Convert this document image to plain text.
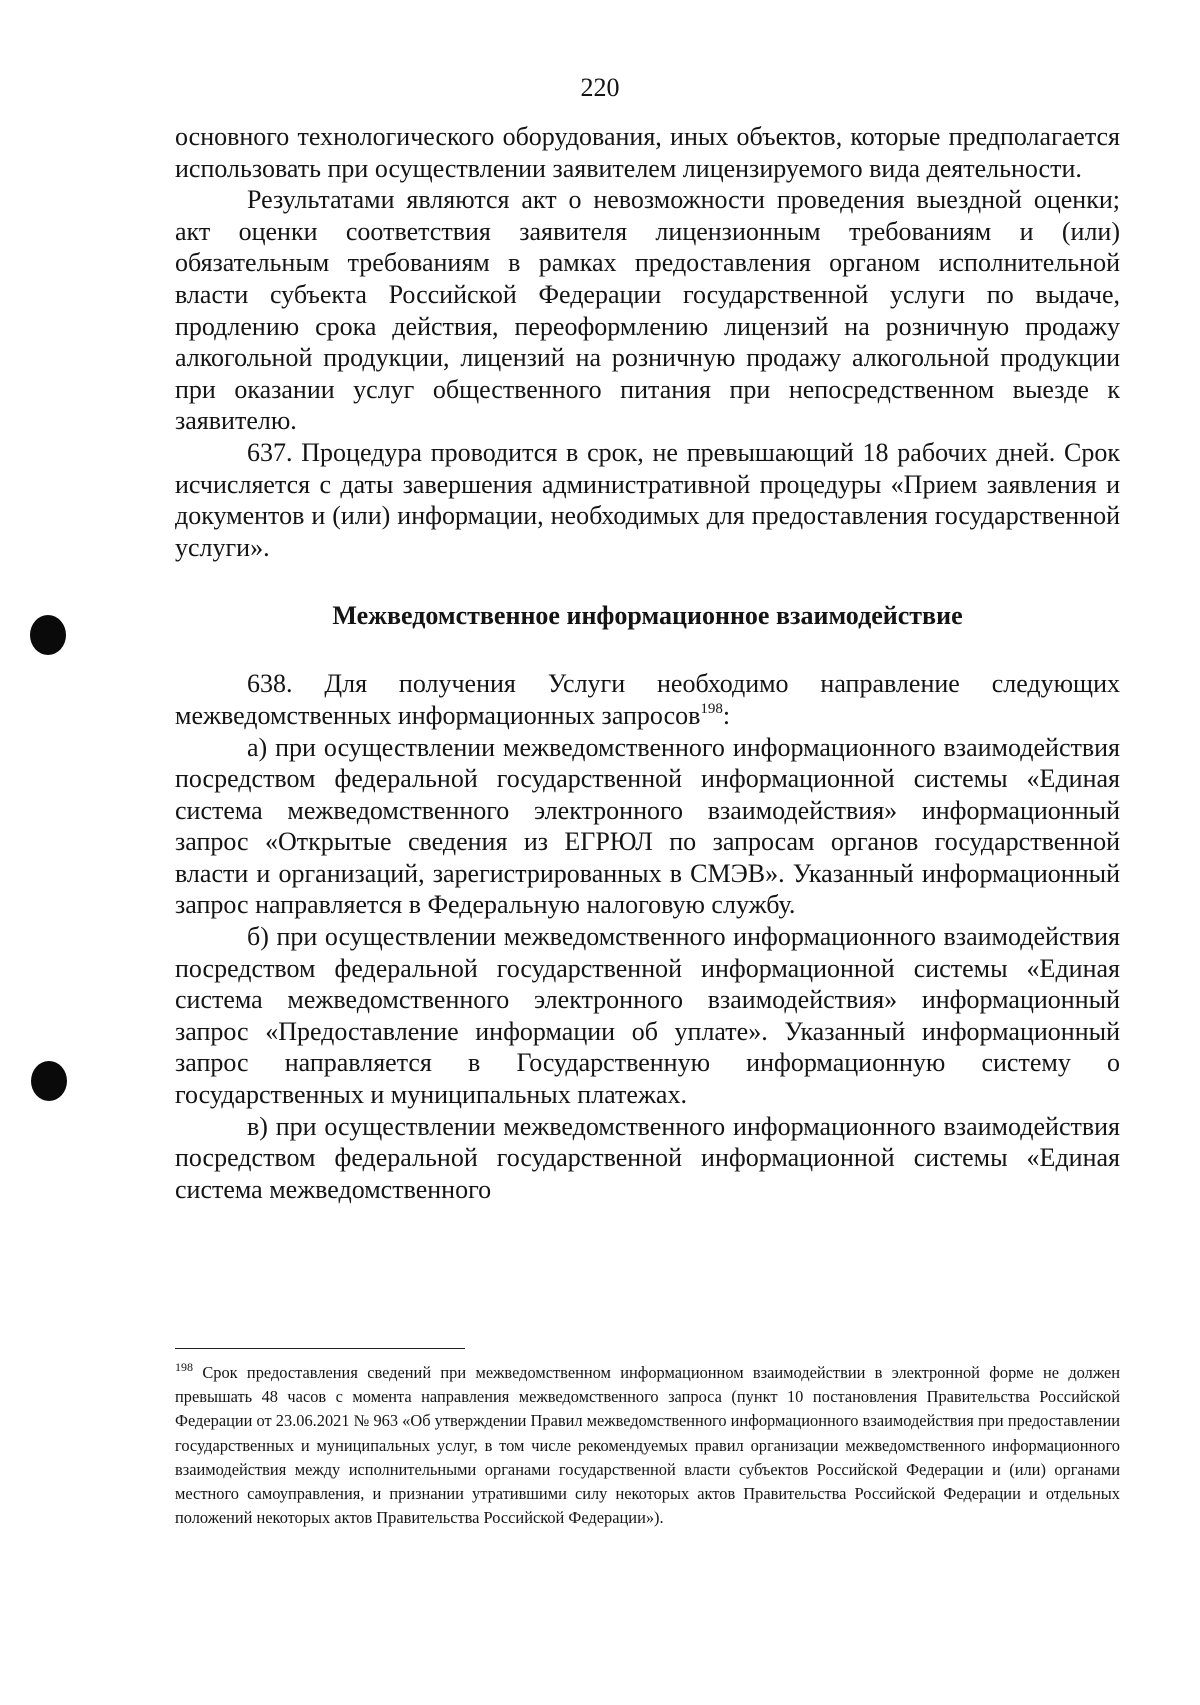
220

основного технологического оборудования, иных объектов, которые предполагается использовать при осуществлении заявителем лицензируемого вида деятельности.

Результатами являются акт о невозможности проведения выездной оценки; акт оценки соответствия заявителя лицензионным требованиям и (или) обязательным требованиям в рамках предоставления органом исполнительной власти субъекта Российской Федерации государственной услуги по выдаче, продлению срока действия, переоформлению лицензий на розничную продажу алкогольной продукции, лицензий на розничную продажу алкогольной продукции при оказании услуг общественного питания при непосредственном выезде к заявителю.

637. Процедура проводится в срок, не превышающий 18 рабочих дней. Срок исчисляется с даты завершения административной процедуры «Прием заявления и документов и (или) информации, необходимых для предоставления государственной услуги».

Межведомственное информационное взаимодействие

638. Для получения Услуги необходимо направление следующих межведомственных информационных запросов$^{198}$:

а) при осуществлении межведомственного информационного взаимодействия посредством федеральной государственной информационной системы «Единая система межведомственного электронного взаимодействия» информационный запрос «Открытые сведения из ЕГРЮЛ по запросам органов государственной власти и организаций, зарегистрированных в СМЭВ». Указанный информационный запрос направляется в Федеральную налоговую службу.

б) при осуществлении межведомственного информационного взаимодействия посредством федеральной государственной информационной системы «Единая система межведомственного электронного взаимодействия» информационный запрос «Предоставление информации об уплате». Указанный информационный запрос направляется в Государственную информационную систему о государственных и муниципальных платежах.

в) при осуществлении межведомственного информационного взаимодействия посредством федеральной государственной информационной системы «Единая система межведомственного

$^{198}$ Срок предоставления сведений при межведомственном информационном взаимодействии в электронной форме не должен превышать 48 часов с момента направления межведомственного запроса (пункт 10 постановления Правительства Российской Федерации от 23.06.2021 № 963 «Об утверждении Правил межведомственного информационного взаимодействия при предоставлении государственных и муниципальных услуг, в том числе рекомендуемых правил организации межведомственного информационного взаимодействия между исполнительными органами государственной власти субъектов Российской Федерации и (или) органами местного самоуправления, и признании утратившими силу некоторых актов Правительства Российской Федерации и отдельных положений некоторых актов Правительства Российской Федерации»).
